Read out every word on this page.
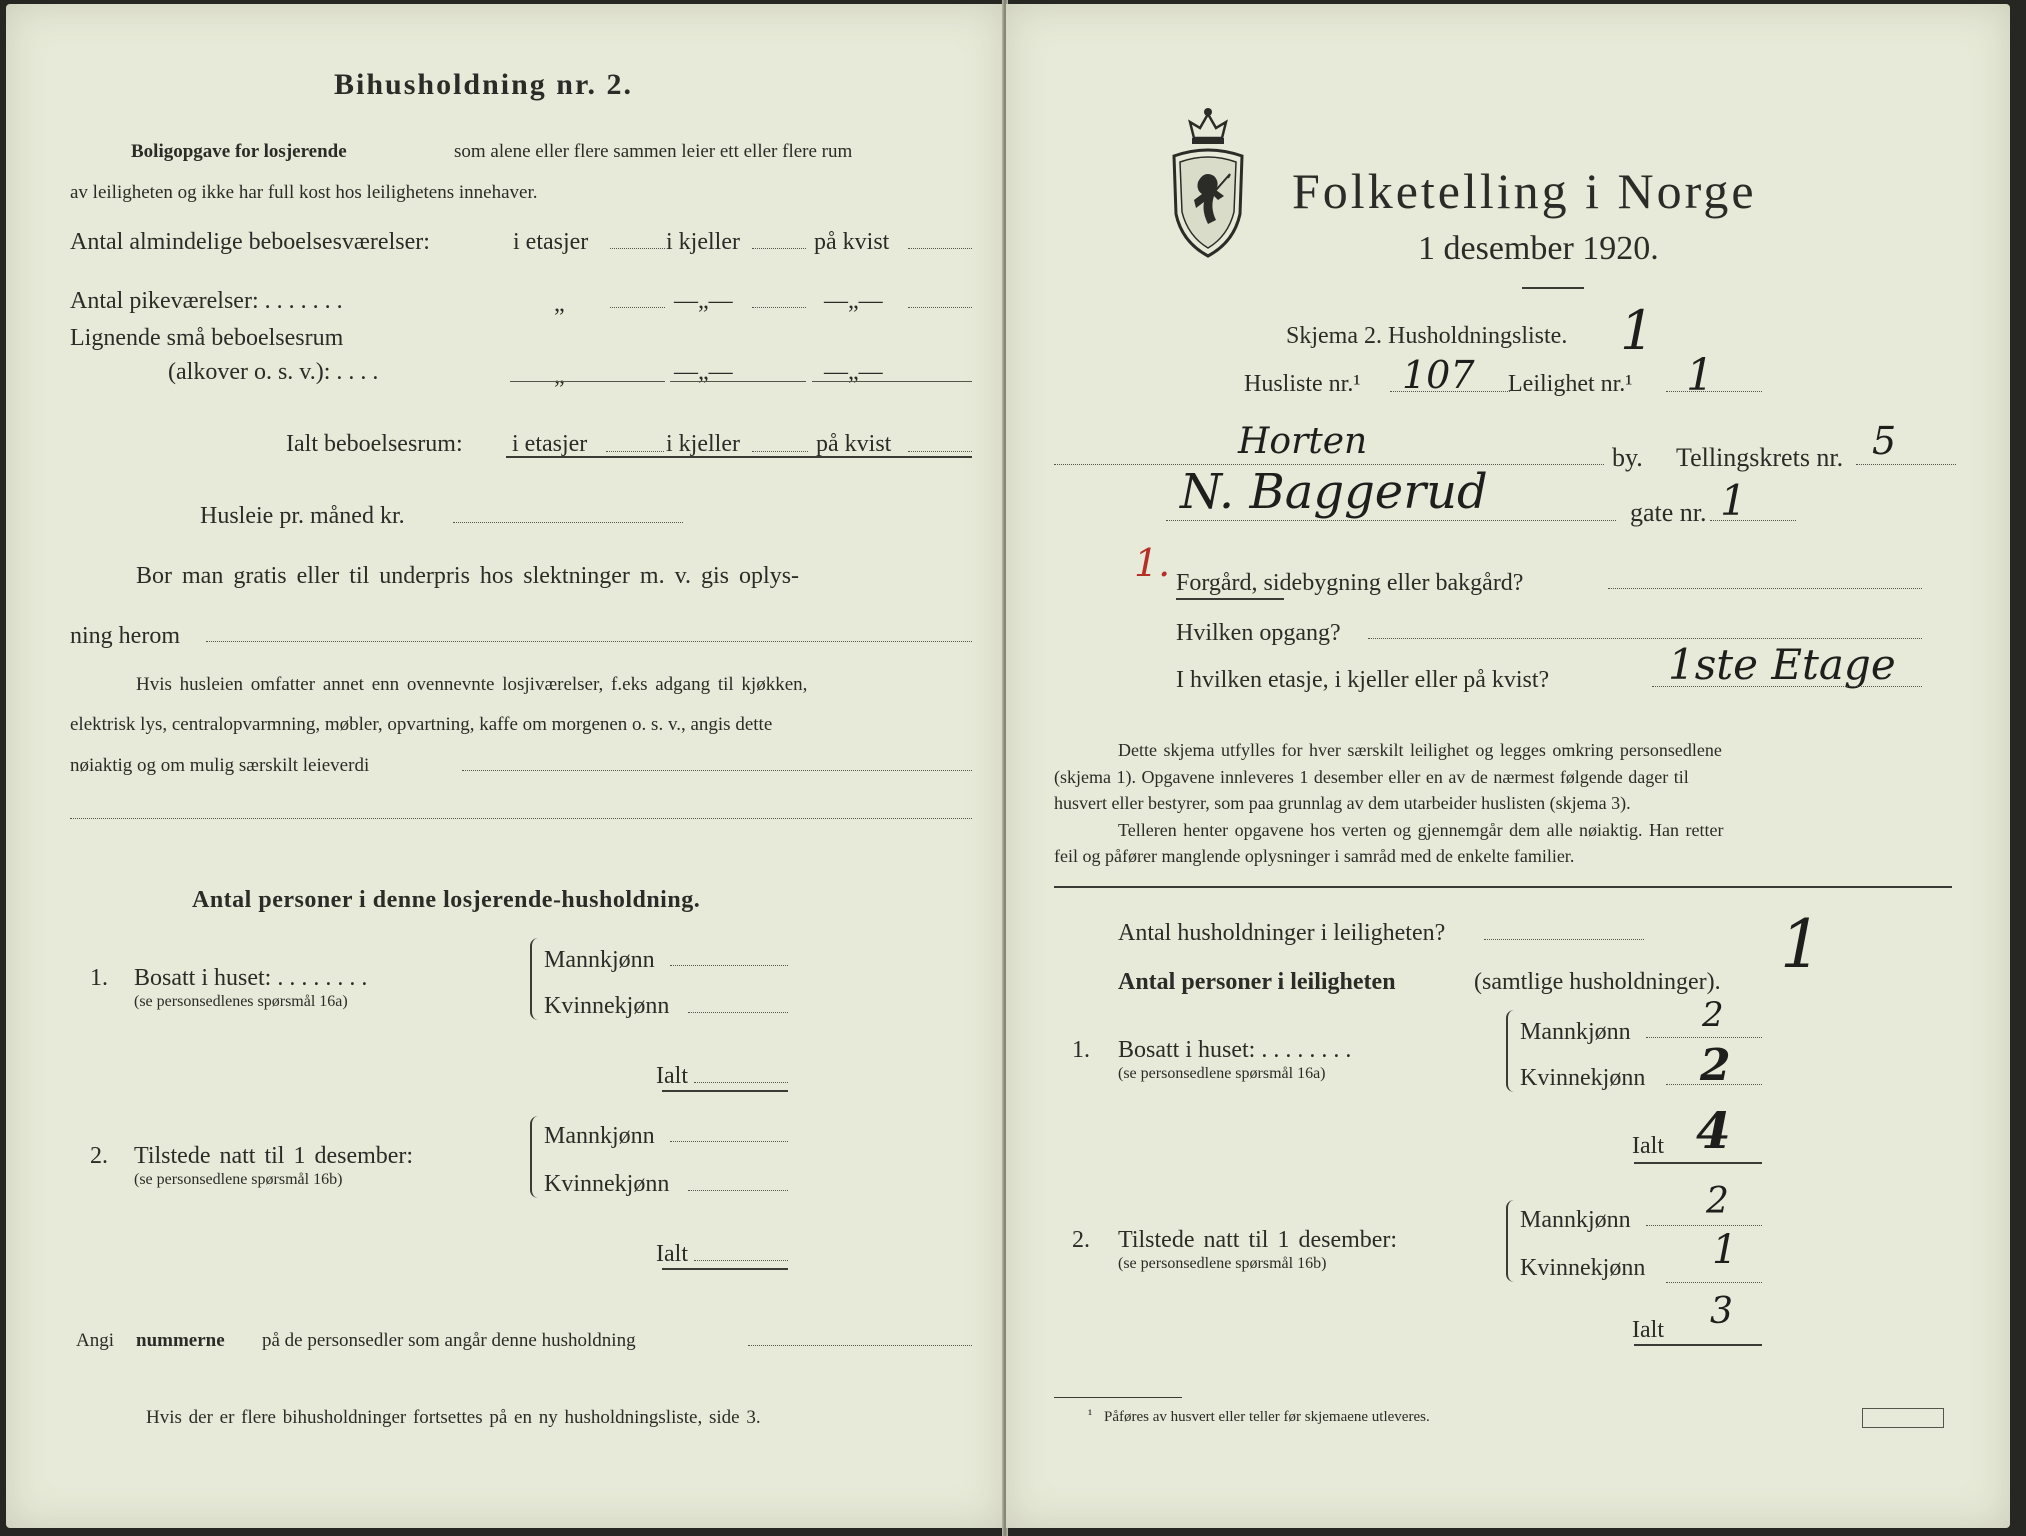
Bihusholdning nr. 2.
Boligopgave for losjerende	som alene eller flere sammen leier ett eller flere rum
av leiligheten og ikke har full kost hos leilighetens innehaver.
Antal almindelige beboelsesværelser:	i etasjer	i kjeller	på kvist
Antal pikeværelser: . . . . . . .	„	—„—	—„—
Lignende små beboelsesrum
(alkover o. s. v.): . . . .	„	—„—	—„—
Ialt beboelsesrum: i etasjer	i kjeller	på kvist
Husleie pr. måned kr.
Bor man gratis eller til underpris hos slektninger m. v. gis oplys-
ning herom
Hvis husleien omfatter annet enn ovennevnte losjiværelser, f.eks adgang til kjøkken,
elektrisk lys, centralopvarmning, møbler, opvartning, kaffe om morgenen o. s. v., angis dette
nøiaktig og om mulig særskilt leieverdi
Antal personer i denne losjerende-husholdning.
1. Bosatt i huset: . . . . . . . .
(se personsedlenes spørsmål 16a)
Mannkjønn
Kvinnekjønn
Ialt
2. Tilstede natt til 1 desember:
(se personsedlene spørsmål 16b)
Mannkjønn
Kvinnekjønn
Ialt
Angi nummerne på de personsedler som angår denne husholdning
Hvis der er flere bihusholdninger fortsettes på en ny husholdningsliste, side 3.
Folketelling i Norge
1 desember 1920.
Skjema 2. Husholdningsliste. 1
Husliste nr.¹ 107 Leilighet nr.¹ 1
Horten	by. Tellingskrets nr. 5
N. Baggerud	gate nr. 1
1. Forgård, sidebygning eller bakgård?
Hvilken opgang?
I hvilken etasje, i kjeller eller på kvist?	1ste Etage
Dette skjema utfylles for hver særskilt leilighet og legges omkring personsedlene
(skjema 1). Opgavene innleveres 1 desember eller en av de nærmest følgende dager til
husvert eller bestyrer, som paa grunnlag av dem utarbeider huslisten (skjema 3).
Telleren henter opgavene hos verten og gjennemgår dem alle nøiaktig. Han retter
feil og påfører manglende oplysninger i samråd med de enkelte familier.
Antal husholdninger i leiligheten?	1
Antal personer i leiligheten	(samtlige husholdninger).
1. Bosatt i huset: . . . . . . . .
(se personsedlene spørsmål 16a)
Mannkjønn 2
Kvinnekjønn 2
Ialt 4
2. Tilstede natt til 1 desember:
(se personsedlene spørsmål 16b)
Mannkjønn 2
Kvinnekjønn 1
Ialt 3
¹ Påføres av husvert eller teller før skjemaene utleveres.
